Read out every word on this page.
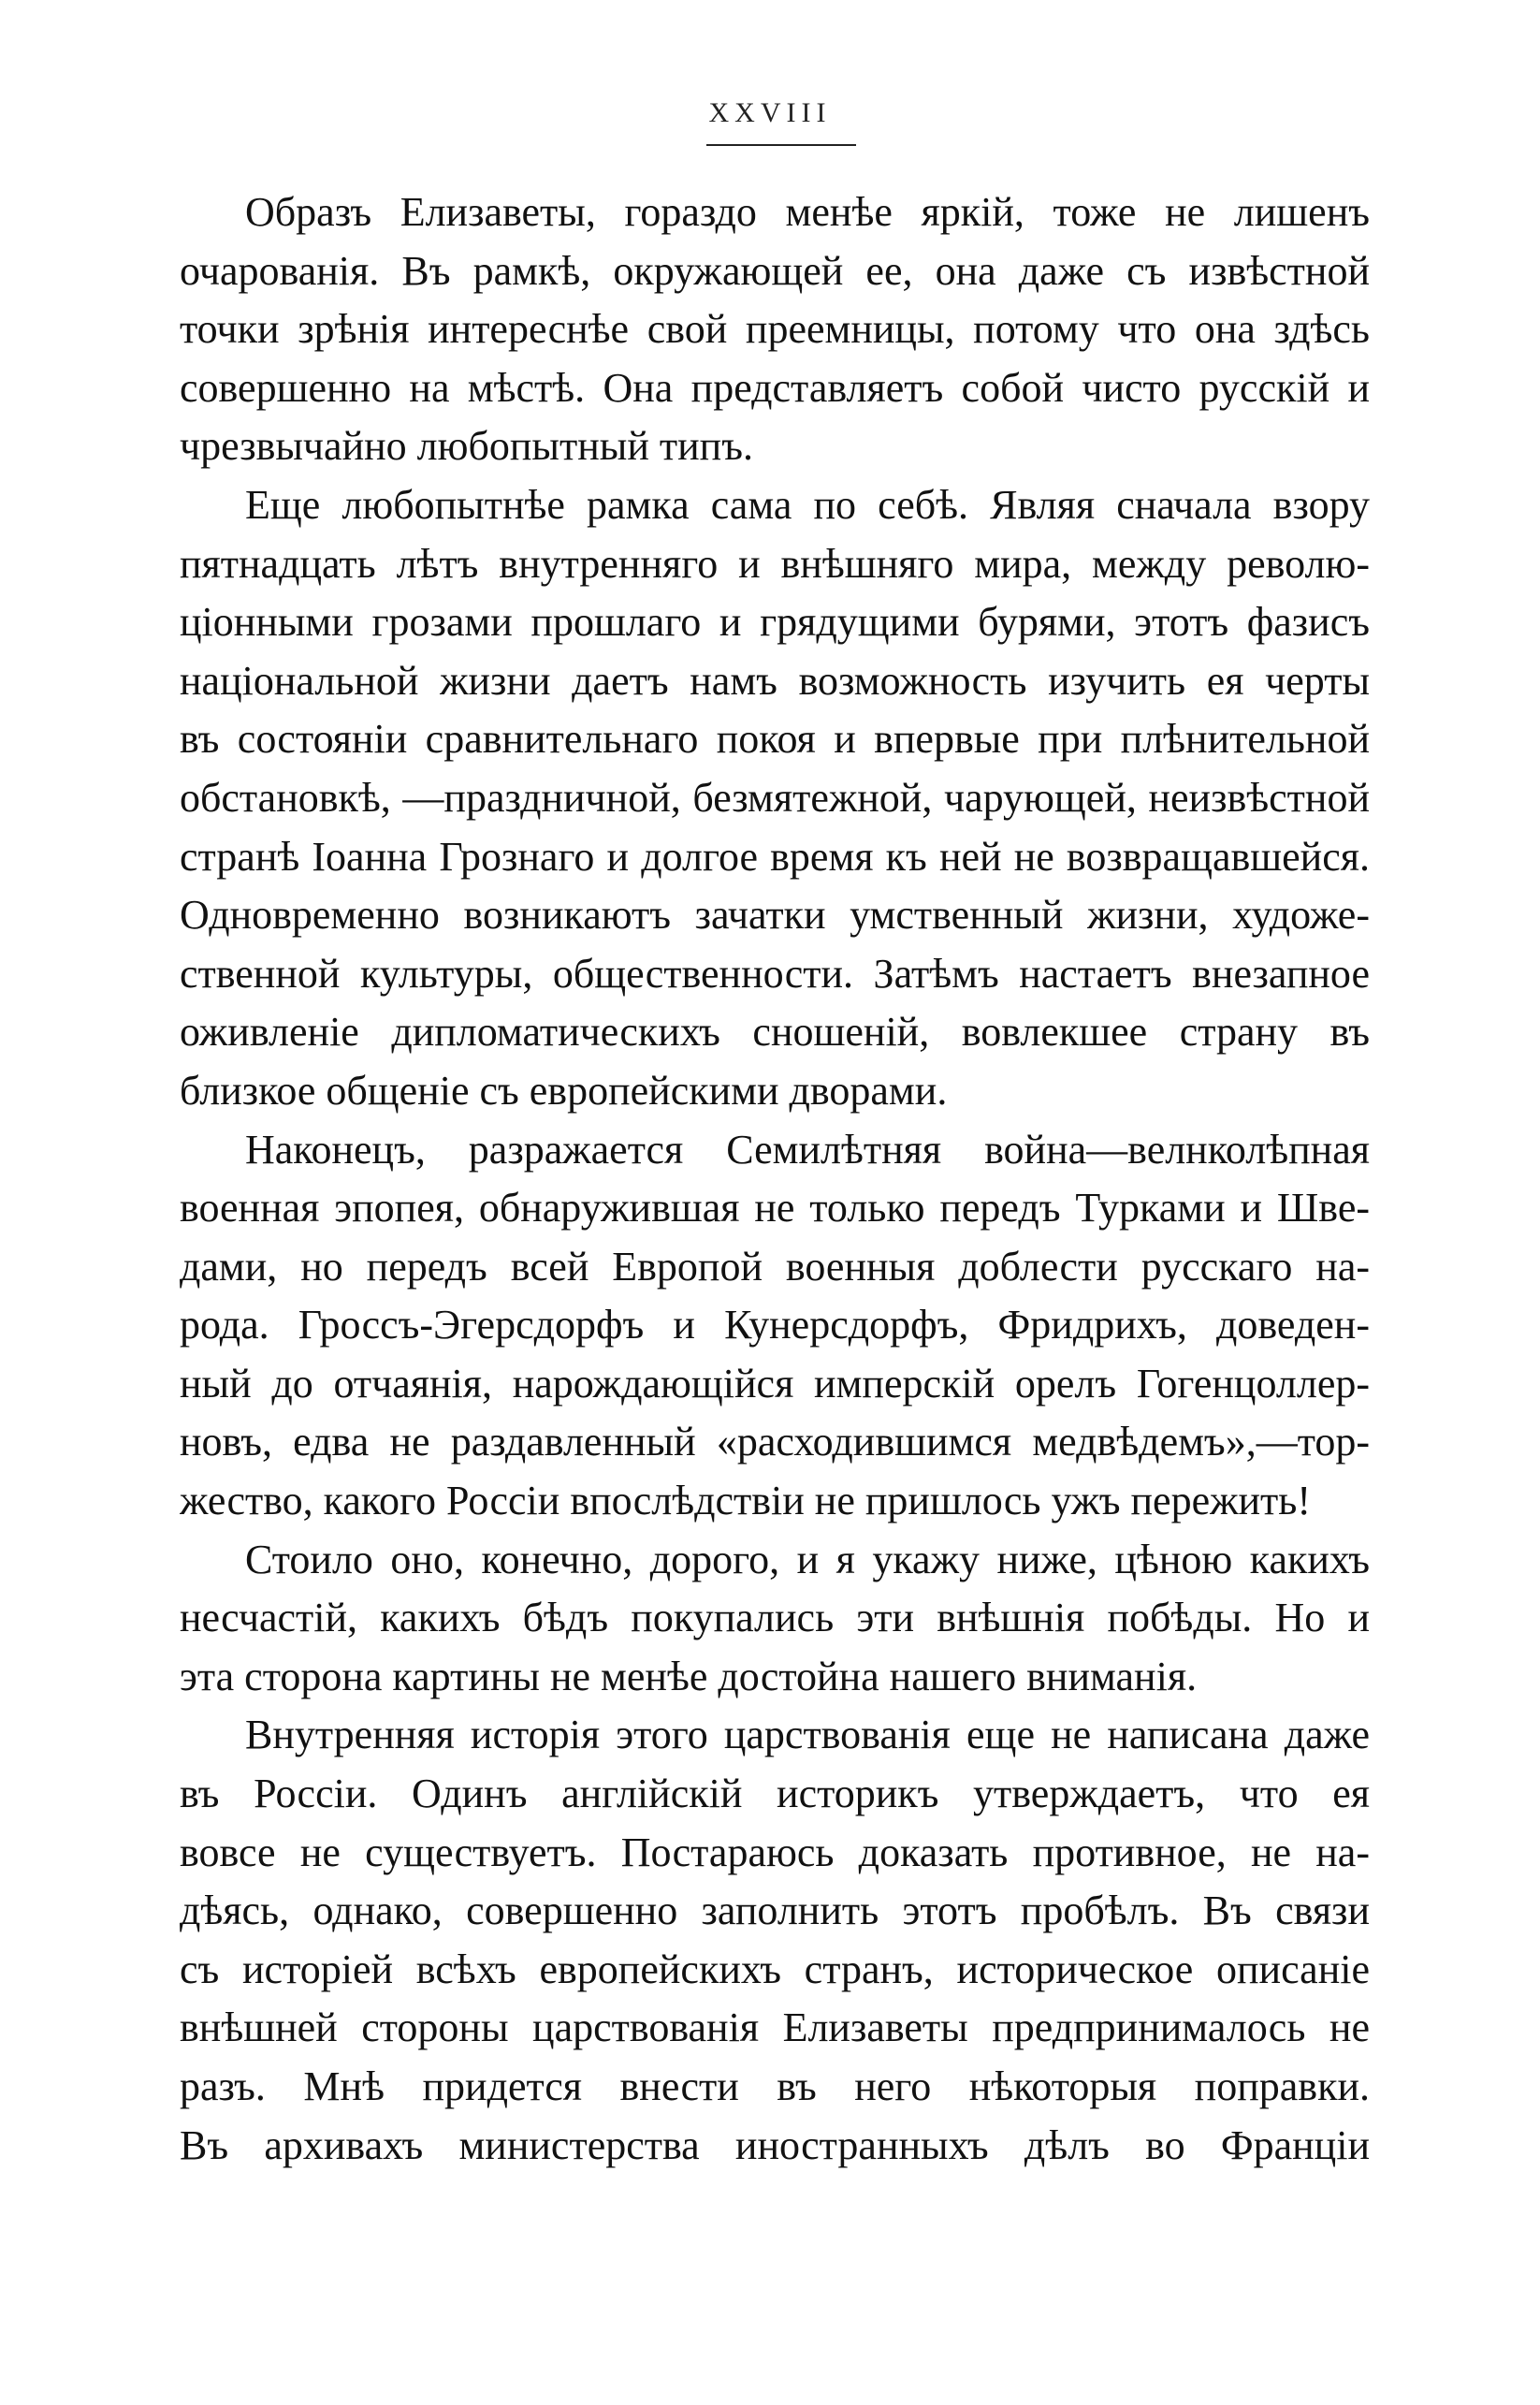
XXVIII
Образъ Елизаветы, гораздо менѣе яркій, тоже не лишенъ
очарованія. Въ рамкѣ, окружающей ее, она даже съ извѣстной
точки зрѣнія интереснѣе свой преемницы, потому что она здѣсь
совершенно на мѣстѣ. Она представляетъ собой чисто русскій и
чрезвычайно любопытный типъ.
Еще любопытнѣе рамка сама по себѣ. Являя сначала взору
пятнадцать лѣтъ внутренняго и внѣшняго мира, между револю-
ціонными грозами прошлаго и грядущими бурями, этотъ фазисъ
національной жизни даетъ намъ возможность изучить ея черты
въ состояніи сравнительнаго покоя и впервые при плѣнительной
обстановкѣ, —праздничной, безмятежной, чарующей, неизвѣстной
странѣ Іоанна Грознаго и долгое время къ ней не возвращавшейся.
Одновременно возникаютъ зачатки умственный жизни, художе-
ственной культуры, общественности. Затѣмъ настаетъ внезапное
оживленіе дипломатическихъ сношеній, вовлекшее страну въ
близкое общеніе съ европейскими дворами.
Наконецъ, разражается Семилѣтняя война—велнколѣпная
военная эпопея, обнаружившая не только передъ Турками и Шве-
дами, но передъ всей Европой военныя доблести русскаго на-
рода. Гроссъ-Эгерсдорфъ и Кунерсдорфъ, Фридрихъ, доведен-
ный до отчаянія, нарождающійся имперскій орелъ Гогенцоллер-
новъ, едва не раздавленный «расходившимся медвѣдемъ»,—тор-
жество, какого Россіи впослѣдствіи не пришлось ужъ пережить!
Стоило оно, конечно, дорого, и я укажу ниже, цѣною какихъ
несчастій, какихъ бѣдъ покупались эти внѣшнія побѣды. Но и
эта сторона картины не менѣе достойна нашего вниманія.
Внутренняя исторія этого царствованія еще не написана даже
въ Россіи. Одинъ англійскій историкъ утверждаетъ, что ея
вовсе не существуетъ. Постараюсь доказать противное, не на-
дѣясь, однако, совершенно заполнить этотъ пробѣлъ. Въ связи
съ исторіей всѣхъ европейскихъ странъ, историческое описаніе
внѣшней стороны царствованія Елизаветы предпринималось не
разъ. Мнѣ придется внести въ него нѣкоторыя поправки.
Въ архивахъ министерства иностранныхъ дѣлъ во Франціи
